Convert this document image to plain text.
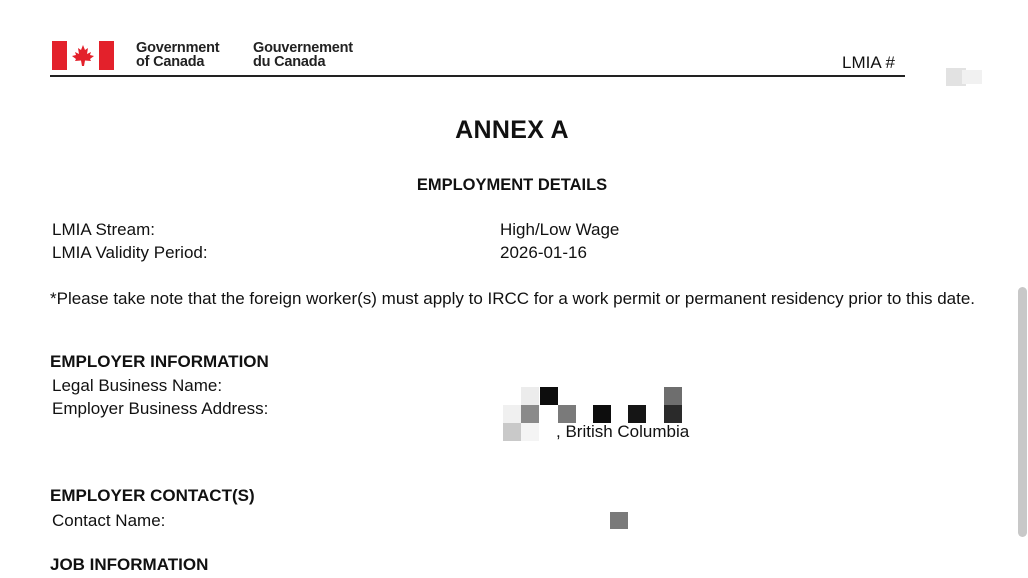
Government
of Canada
Gouvernement
du Canada	LMIA #
ANNEX A
EMPLOYMENT DETAILS
LMIA Stream:	High/Low Wage
LMIA Validity Period:	2026-01-16
*Please take note that the foreign worker(s) must apply to IRCC for a work permit or permanent residency prior to this date.
EMPLOYER INFORMATION
Legal Business Name:
Employer Business Address:
, British Columbia
EMPLOYER CONTACT(S)
Contact Name:
JOB INFORMATION
